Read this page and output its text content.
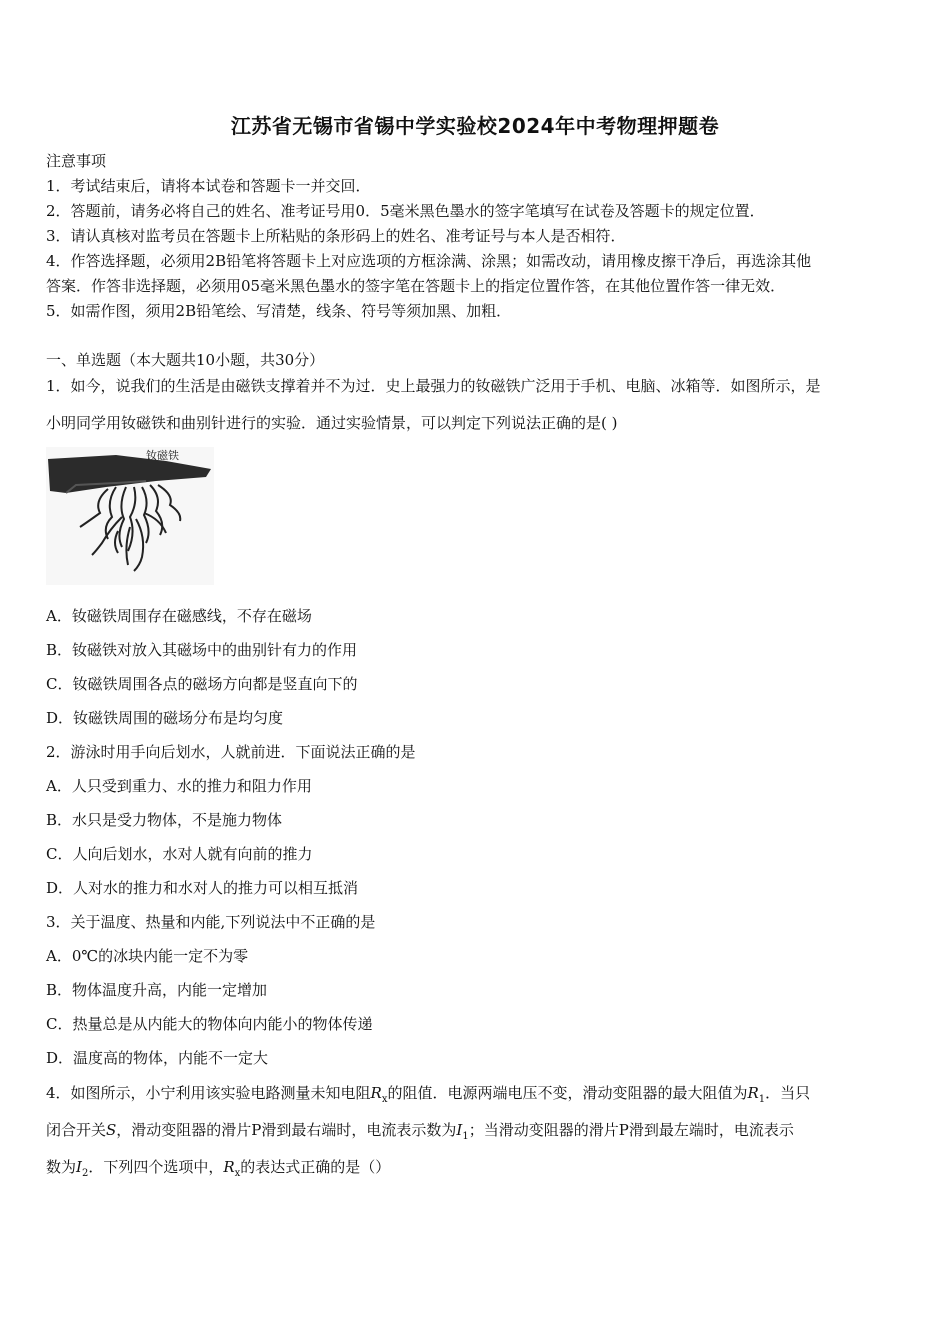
江苏省无锡市省锡中学实验校2024年中考物理押题卷
注意事项
1．考试结束后，请将本试卷和答题卡一并交回．
2．答题前，请务必将自己的姓名、准考证号用0．5毫米黑色墨水的签字笔填写在试卷及答题卡的规定位置．
3．请认真核对监考员在答题卡上所粘贴的条形码上的姓名、准考证号与本人是否相符．
4．作答选择题，必须用2B铅笔将答题卡上对应选项的方框涂满、涂黑；如需改动，请用橡皮擦干净后，再选涂其他
答案．作答非选择题，必须用05毫米黑色墨水的签字笔在答题卡上的指定位置作答，在其他位置作答一律无效．
5．如需作图，须用2B铅笔绘、写清楚，线条、符号等须加黑、加粗．
一、单选题（本大题共10小题，共30分）
1．如今，说我们的生活是由磁铁支撑着并不为过．史上最强力的钕磁铁广泛用于手机、电脑、冰箱等．如图所示，是
小明同学用钕磁铁和曲别针进行的实验．通过实验情景，可以判定下列说法正确的是( )
钕磁铁
A．钕磁铁周围存在磁感线，不存在磁场
B．钕磁铁对放入其磁场中的曲别针有力的作用
C．钕磁铁周围各点的磁场方向都是竖直向下的
D．钕磁铁周围的磁场分布是均匀度
2．游泳时用手向后划水，人就前进．下面说法正确的是
A．人只受到重力、水的推力和阻力作用
B．水只是受力物体，不是施力物体
C．人向后划水，水对人就有向前的推力
D．人对水的推力和水对人的推力可以相互抵消
3．关于温度、热量和内能,下列说法中不正确的是
A．0℃的冰块内能一定不为零
B．物体温度升高，内能一定增加
C．热量总是从内能大的物体向内能小的物体传递
D．温度高的物体，内能不一定大
4．如图所示，小宁利用该实验电路测量未知电阻$R_x$的阻值．电源两端电压不变，滑动变阻器的最大阻值为$R_1$．当只
闭合开关S，滑动变阻器的滑片P滑到最右端时，电流表示数为$I_1$；当滑动变阻器的滑片P滑到最左端时，电流表示
数为$I_2$．下列四个选项中，$R_x$的表达式正确的是（）
